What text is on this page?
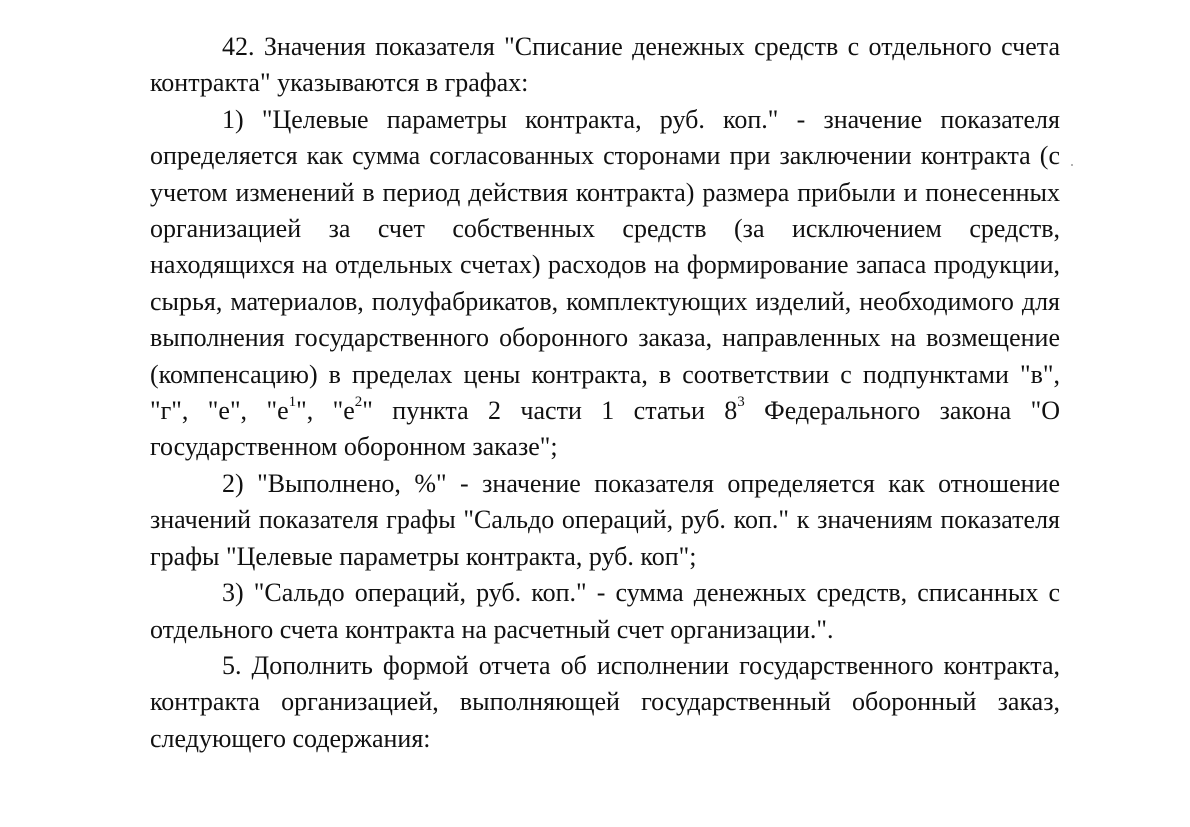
42. Значения показателя "Списание денежных средств с отдельного счета контракта" указываются в графах:

1) "Целевые параметры контракта, руб. коп." - значение показателя определяется как сумма согласованных сторонами при заключении контракта (с учетом изменений в период действия контракта) размера прибыли и понесенных организацией за счет собственных средств (за исключением средств, находящихся на отдельных счетах) расходов на формирование запаса продукции, сырья, материалов, полуфабрикатов, комплектующих изделий, необходимого для выполнения государственного оборонного заказа, направленных на возмещение (компенсацию) в пределах цены контракта, в соответствии с подпунктами "в", "г", "е", "$е^1$", "$е^2$" пункта 2 части 1 статьи $8^3$ Федерального закона "О государственном оборонном заказе";

2) "Выполнено, %" - значение показателя определяется как отношение значений показателя графы "Сальдо операций, руб. коп." к значениям показателя графы "Целевые параметры контракта, руб. коп";

3) "Сальдо операций, руб. коп." - сумма денежных средств, списанных с отдельного счета контракта на расчетный счет организации.".

5. Дополнить формой отчета об исполнении государственного контракта, контракта организацией, выполняющей государственный оборонный заказ, следующего содержания:
